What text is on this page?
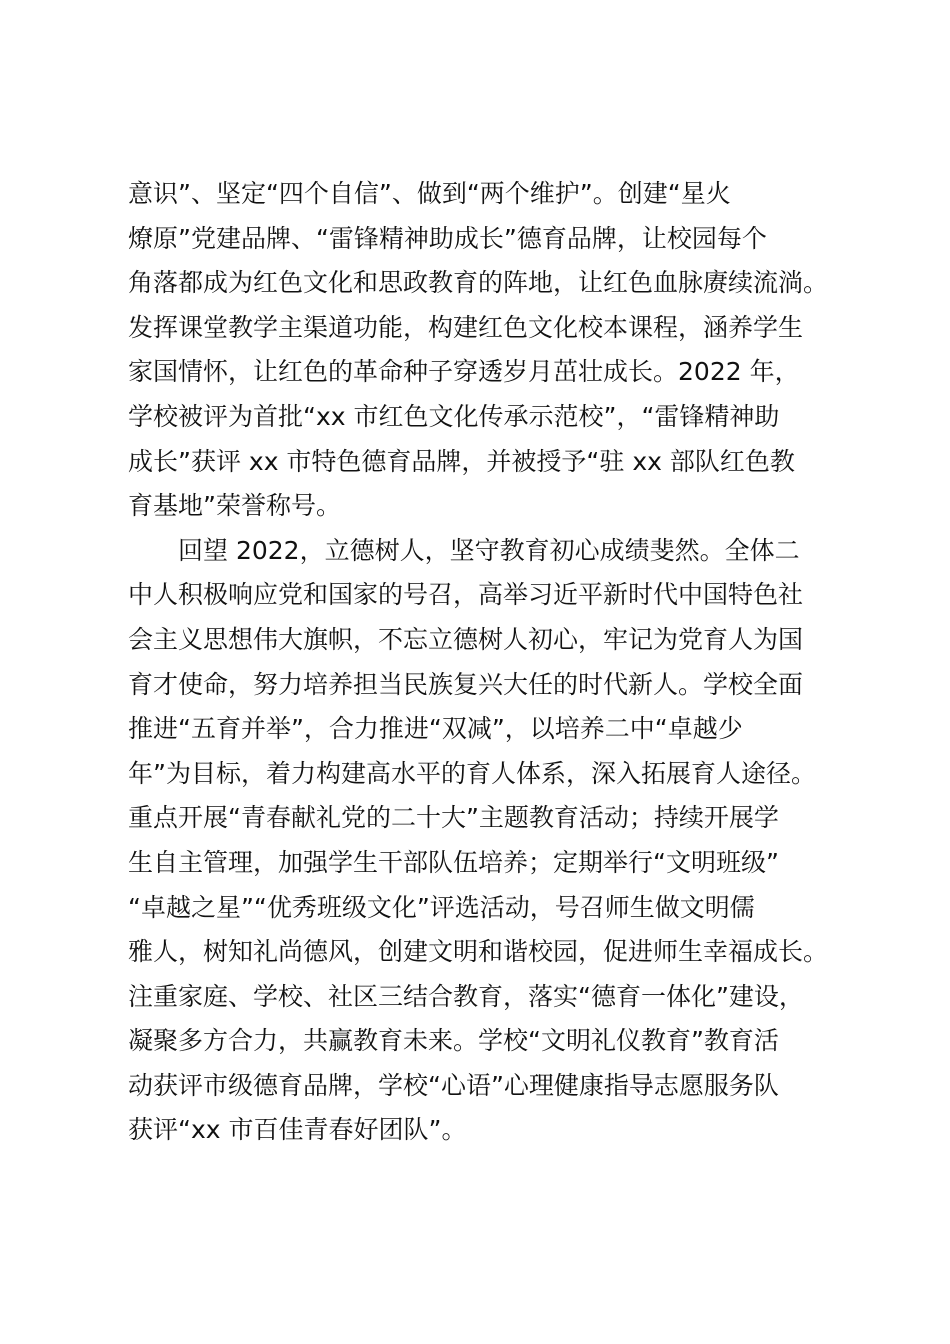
意识”、坚定“四个自信”、做到“两个维护”。创建“星火
燎原”党建品牌、“雷锋精神助成长”德育品牌，让校园每个
角落都成为红色文化和思政教育的阵地，让红色血脉赓续流淌。
发挥课堂教学主渠道功能，构建红色文化校本课程，涵养学生
家国情怀，让红色的革命种子穿透岁月茁壮成长。2022 年，
学校被评为首批“xx 市红色文化传承示范校”，“雷锋精神助
成长”获评 xx 市特色德育品牌，并被授予“驻 xx 部队红色教
育基地”荣誉称号。
回望 2022，立德树人，坚守教育初心成绩斐然。全体二
中人积极响应党和国家的号召，高举习近平新时代中国特色社
会主义思想伟大旗帜，不忘立德树人初心，牢记为党育人为国
育才使命，努力培养担当民族复兴大任的时代新人。学校全面
推进“五育并举”，合力推进“双减”，以培养二中“卓越少
年”为目标，着力构建高水平的育人体系，深入拓展育人途径。
重点开展“青春献礼党的二十大”主题教育活动；持续开展学
生自主管理，加强学生干部队伍培养；定期举行“文明班级”
“卓越之星”“优秀班级文化”评选活动，号召师生做文明儒
雅人，树知礼尚德风，创建文明和谐校园，促进师生幸福成长。
注重家庭、学校、社区三结合教育，落实“德育一体化”建设，
凝聚多方合力，共赢教育未来。学校“文明礼仪教育”教育活
动获评市级德育品牌，学校“心语”心理健康指导志愿服务队
获评“xx 市百佳青春好团队”。
